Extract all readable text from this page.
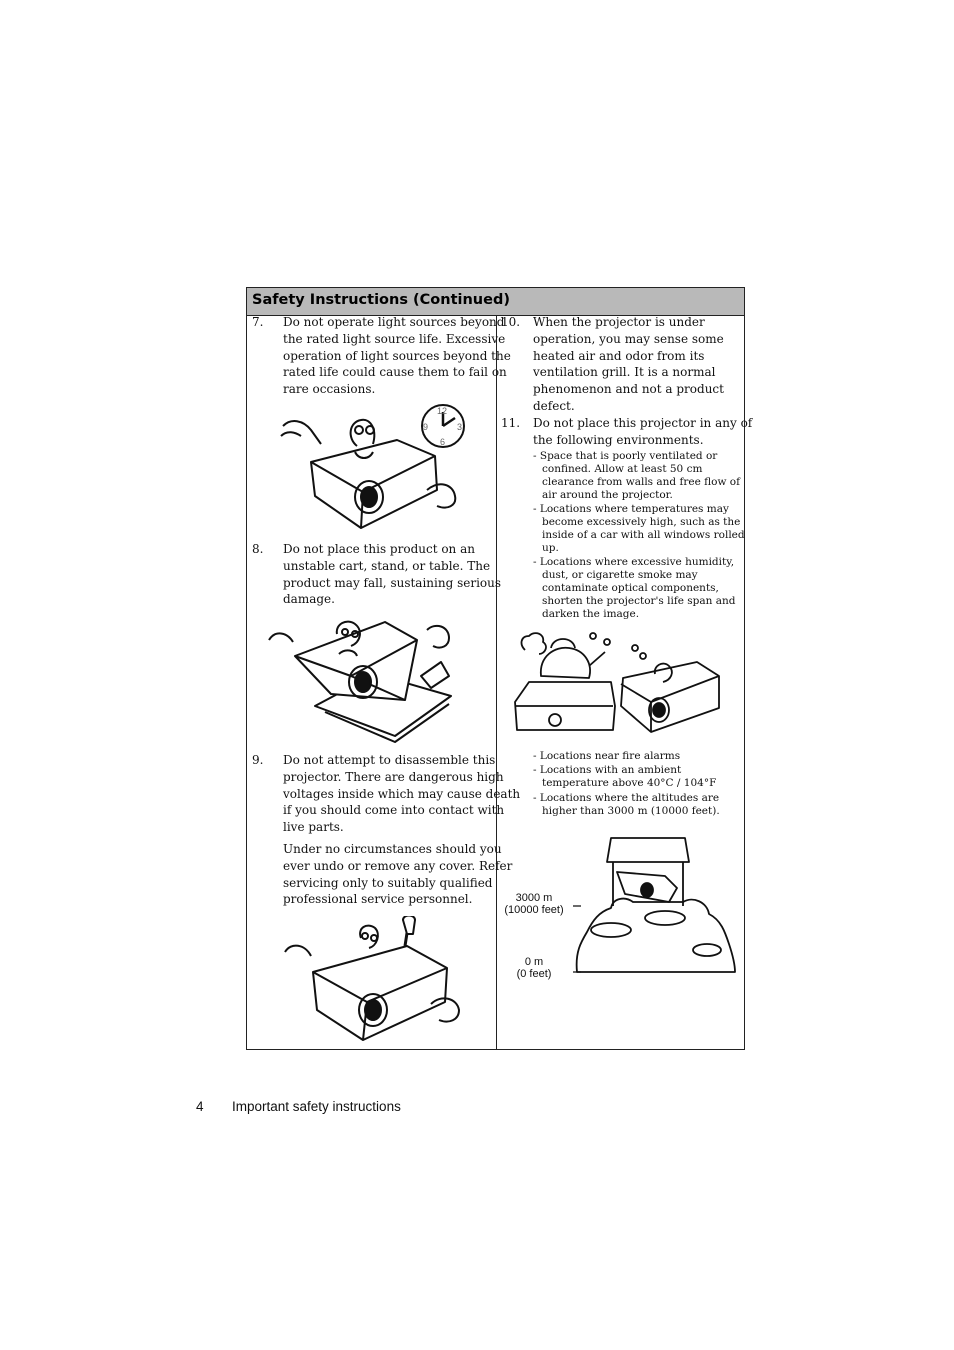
Safety Instructions (Continued)
7. Do not operate light sources beyond
the rated light source life. Excessive
operation of light sources beyond the
rated life could cause them to fail on
rare occasions.
12
3
6
9
8. Do not place this product on an
unstable cart, stand, or table. The
product may fall, sustaining serious
damage.
9. Do not attempt to disassemble this
projector. There are dangerous high
voltages inside which may cause death
if you should come into contact with
live parts.
Under no circumstances should you
ever undo or remove any cover. Refer
servicing only to suitably qualified
professional service personnel.
10. When the projector is under
operation, you may sense some
heated air and odor from its
ventilation grill. It is a normal
phenomenon and not a product
defect.
11. Do not place this projector in any of
the following environments.
- Space that is poorly ventilated or
confined. Allow at least 50 cm
clearance from walls and free flow of
air around the projector.
- Locations where temperatures may
become excessively high, such as the
inside of a car with all windows rolled
up.
- Locations where excessive humidity,
dust, or cigarette smoke may
contaminate optical components,
shorten the projector's life span and
darken the image.
- Locations near fire alarms
- Locations with an ambient
temperature above 40°C / 104°F
- Locations where the altitudes are
higher than 3000 m (10000 feet).
3000 m
(10000 feet)
0 m
(0 feet)
4 Important safety instructions
